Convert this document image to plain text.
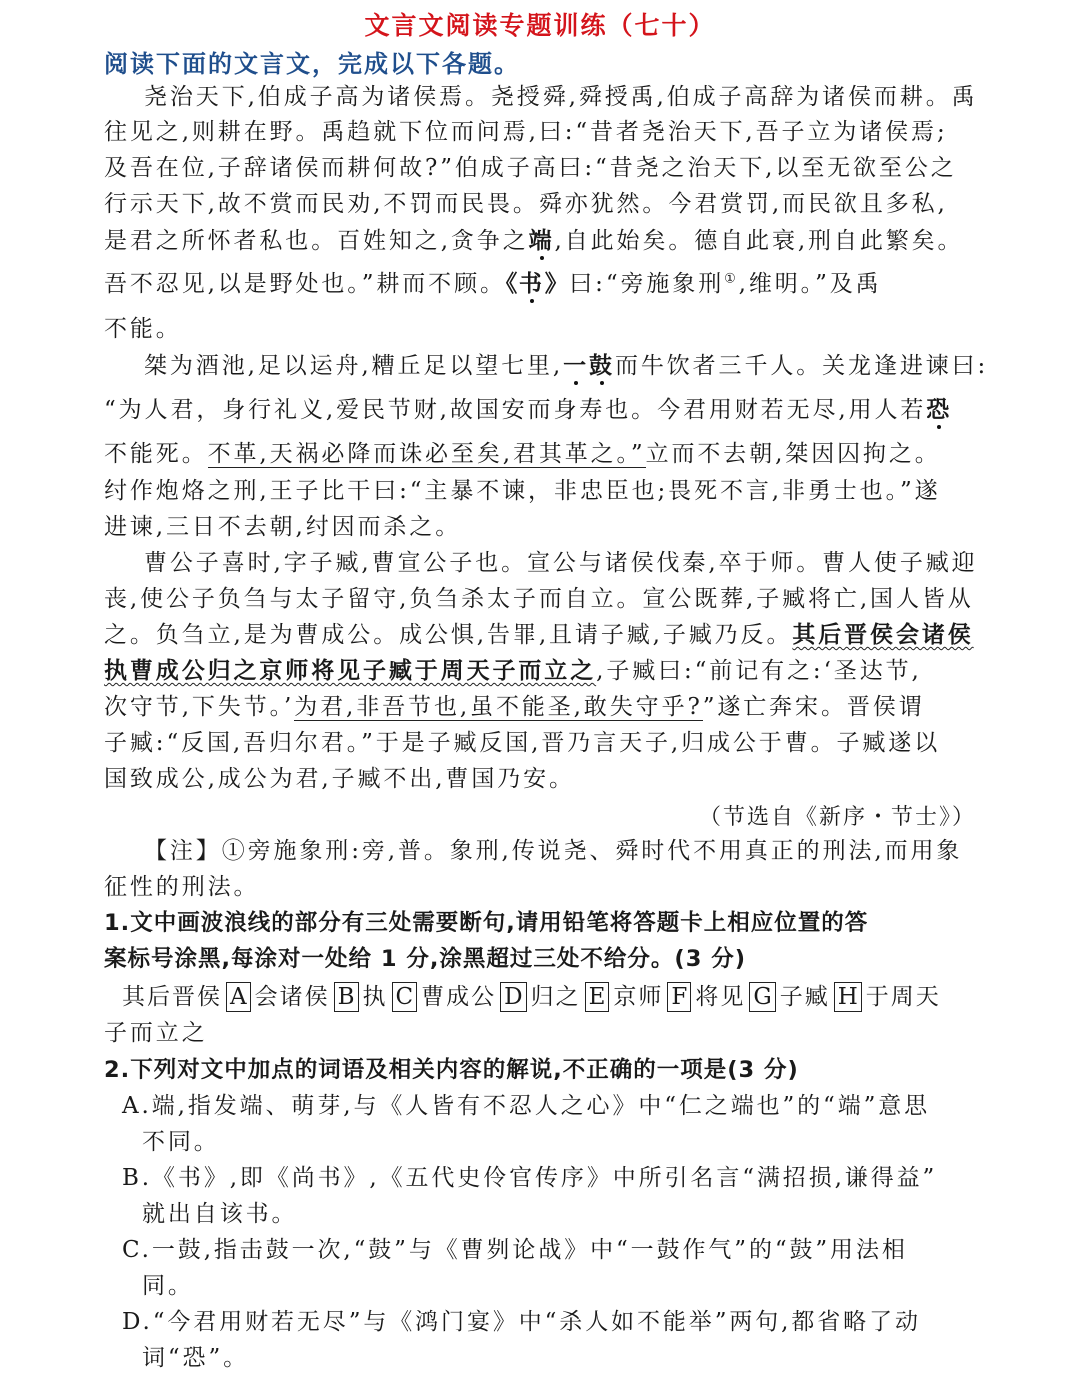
文言文阅读专题训练（七十）
阅读下面的文言文，完成以下各题。
尧治天下,伯成子高为诸侯焉。尧授舜,舜授禹,伯成子高辞为诸侯而耕。禹
往见之,则耕在野。禹趋就下位而问焉,曰:“昔者尧治天下,吾子立为诸侯焉;
及吾在位,子辞诸侯而耕何故?”伯成子高曰:“昔尧之治天下,以至无欲至公之
行示天下,故不赏而民劝,不罚而民畏。舜亦犹然。今君赏罚,而民欲且多私,
是君之所怀者私也。百姓知之,贪争之端,自此始矣。德自此衰,刑自此繁矣。
吾不忍见,以是野处也。”耕而不顾。《书》曰:“旁施象刑①,维明。”及禹
不能。
桀为酒池,足以运舟,糟丘足以望七里,一鼓而牛饮者三千人。关龙逢进谏曰:
“为人君，身行礼义,爱民节财,故国安而身寿也。今君用财若无尽,用人若恐
不能死。不革,天祸必降而诛必至矣,君其革之。”立而不去朝,桀因囚拘之。
纣作炮烙之刑,王子比干曰:“主暴不谏，非忠臣也;畏死不言,非勇士也。”遂
进谏,三日不去朝,纣因而杀之。
曹公子喜时,字子臧,曹宣公子也。宣公与诸侯伐秦,卒于师。曹人使子臧迎
丧,使公子负刍与太子留守,负刍杀太子而自立。宣公既葬,子臧将亡,国人皆从
之。负刍立,是为曹成公。成公惧,告罪,且请子臧,子臧乃反。其后晋侯会诸侯
执曹成公归之京师将见子臧于周天子而立之,子臧曰:“前记有之:‘圣达节,
次守节,下失节。’为君,非吾节也,虽不能圣,敢失守乎?”遂亡奔宋。晋侯谓
子臧:“反国,吾归尔君。”于是子臧反国,晋乃言天子,归成公于曹。子臧遂以
国致成公,成公为君,子臧不出,曹国乃安。
（节选自《新序・节士》）
【注】①旁施象刑:旁,普。象刑,传说尧、舜时代不用真正的刑法,而用象
征性的刑法。
1.文中画波浪线的部分有三处需要断句,请用铅笔将答题卡上相应位置的答
案标号涂黑,每涂对一处给 1 分,涂黑超过三处不给分。(3 分)
其后晋侯 A 会诸侯 B 执 C 曹成公 D 归之 E 京师 F 将见 G 子臧 H 于周天
子而立之
2.下列对文中加点的词语及相关内容的解说,不正确的一项是(3 分)
A.端,指发端、萌芽,与《人皆有不忍人之心》中“仁之端也”的“端”意思
不同。
B.《书》,即《尚书》,《五代史伶官传序》中所引名言“满招损,谦得益”
就出自该书。
C.一鼓,指击鼓一次,“鼓”与《曹刿论战》中“一鼓作气”的“鼓”用法相
同。
D.“今君用财若无尽”与《鸿门宴》中“杀人如不能举”两句,都省略了动
词“恐”。
